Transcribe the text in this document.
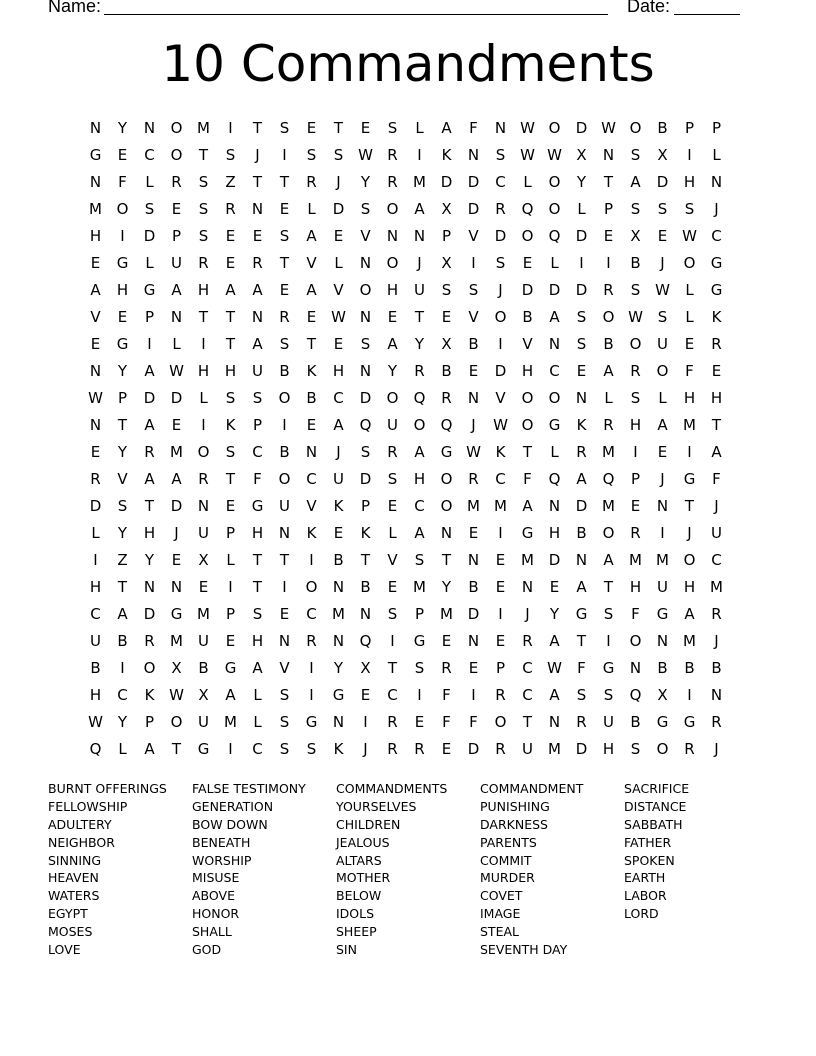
Name:	Date:
10 Commandments
N	Y	N	O M	I	T	S	E	T	E	S	L	A	F	N W O	D W O	B	P	P
G	E	C	O	T	S	J	I	S	S W R	I	K	N	S W W X	N	S	X	I	L
N	F	L	R	S	Z	T	T	R	J	Y	R	M D	D	C	L	O	Y	T	A	D	H	N
M O	S	E	S	R	N	E	L	D	S	O	A	X	D	R	Q	O	L	P	S	S	S	J
H	I	D	P	S	E	E	S	A	E	V	N	N	P	V	D	O	Q	D	E	X	E W C
E	G	L	U	R	E	R	T	V	L	N	O	J	X	I	S	E	L	I	I	B	J	O	G
A	H	G	A	H	A	A	E	A	V	O	H	U	S	S	J	D	D	D	R	S W	L	G
V	E	P	N	T	T	N	R	E W N	E	T	E	V	O	B	A	S	O W S	L	K
E	G	I	L	I	T	A	S	T	E	S	A	Y	X	B	I	V	N	S	B	O	U	E	R
N	Y	A W H	H	U	B	K	H	N	Y	R	B	E	D	H	C	E	A	R	O	F	E
W	P	D	D	L	S	S	O	B	C	D	O	Q	R	N	V	O	O	N	L	S	L	H	H
N	T	A	E	I	K	P	I	E	A	Q	U	O	Q	J	W O	G	K	R	H	A	M	T
E	Y	R	M O	S	C	B	N	J	S	R	A	G W K	T	L	R	M	I	E	I	A
R	V	A	A	R	T	F	O	C	U	D	S	H	O	R	C	F	Q	A	Q	P	J	G	F
D	S	T	D	N	E	G	U	V	K	P	E	C	O M M	A	N	D M	E	N	T	J
L	Y	H	J	U	P	H	N	K	E	K	L	A	N	E	I	G	H	B	O	R	I	J	U
I	Z	Y	E	X	L	T	T	I	B	T	V	S	T	N	E	M D	N	A	M M O	C
H	T	N	N	E	I	T	I	O	N	B	E	M	Y	B	E	N	E	A	T	H	U	H M
C	A	D	G M	P	S	E	C	M N	S	P	M D	I	J	Y	G	S	F	G	A	R
U	B	R	M	U	E	H	N	R	N	Q	I	G	E	N	E	R	A	T	I	O	N M	J
B	I	O	X	B	G	A	V	I	Y	X	T	S	R	E	P	C W	F	G	N	B	B	B
H	C	K W X	A	L	S	I	G	E	C	I	F	I	R	C	A	S	S	Q	X	I	N
W Y	P	O	U	M	L	S	G	N	I	R	E	F	F	O	T	N	R	U	B	G	G	R
Q	L	A	T	G	I	C	S	S	K	J	R	R	E	D	R	U	M D	H	S	O	R	J
BURNT OFFERINGS
FELLOWSHIP
ADULTERY
NEIGHBOR
SINNING
HEAVEN
WATERS
EGYPT
MOSES
LOVE
FALSE TESTIMONY
GENERATION
BOW DOWN
BENEATH
WORSHIP
MISUSE
ABOVE
HONOR
SHALL
GOD
COMMANDMENTS
YOURSELVES
CHILDREN
JEALOUS
ALTARS
MOTHER
BELOW
IDOLS
SHEEP
SIN
COMMANDMENT
PUNISHING
DARKNESS
PARENTS
COMMIT
MURDER
COVET
IMAGE
STEAL
SEVENTH DAY
SACRIFICE
DISTANCE
SABBATH
FATHER
SPOKEN
EARTH
LABOR
LORD
